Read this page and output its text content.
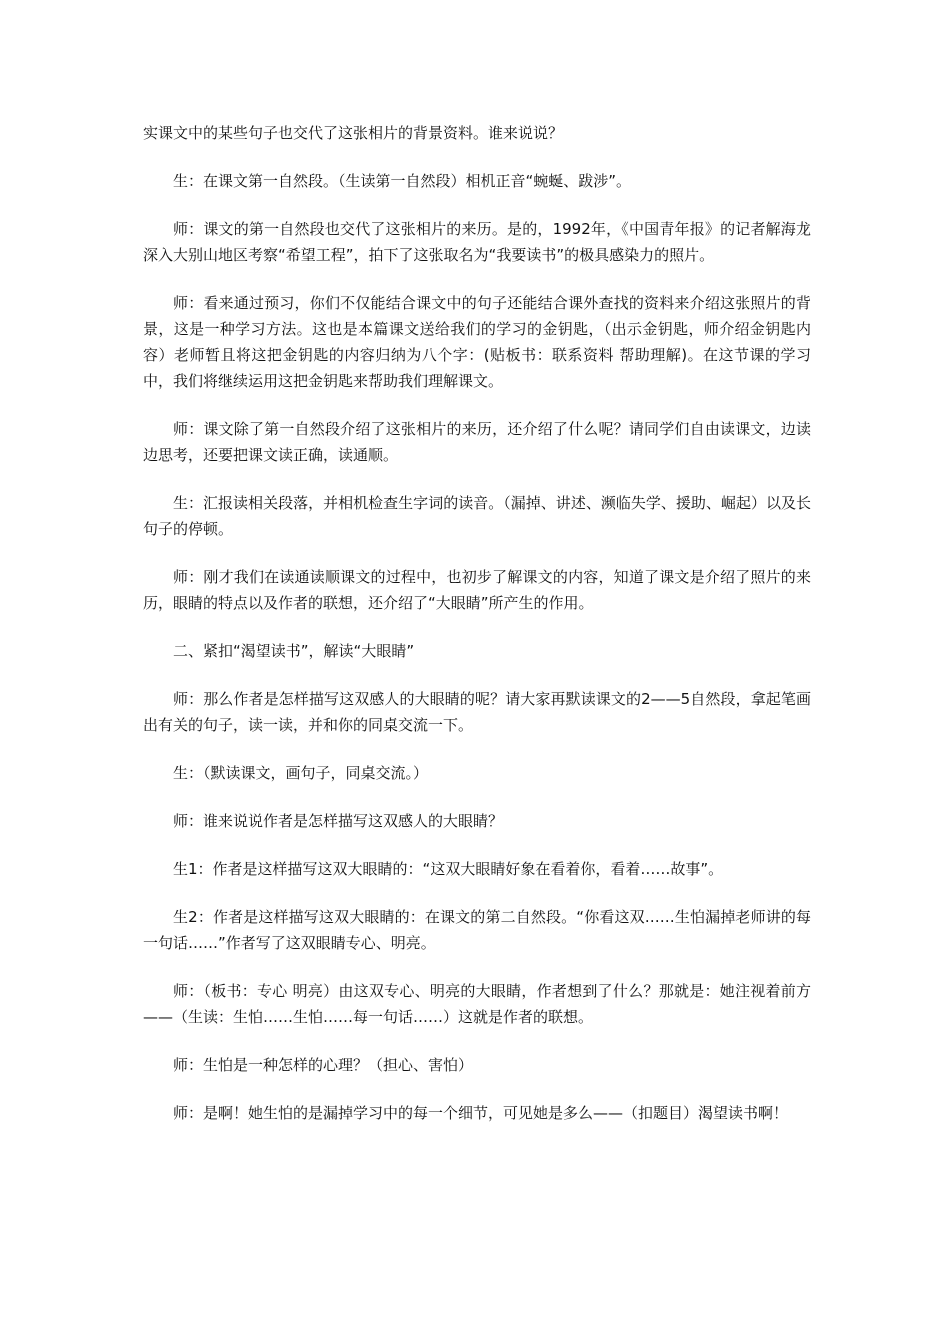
实课文中的某些句子也交代了这张相片的背景资料。谁来说说？

生：在课文第一自然段。（生读第一自然段）相机正音“蜿蜒、跋涉”。

师：课文的第一自然段也交代了这张相片的来历。是的，1992年，《中国青年报》的记者解海龙深入大别山地区考察“希望工程”，拍下了这张取名为“我要读书”的极具感染力的照片。

师：看来通过预习，你们不仅能结合课文中的句子还能结合课外查找的资料来介绍这张照片的背景，这是一种学习方法。这也是本篇课文送给我们的学习的金钥匙，（出示金钥匙，师介绍金钥匙内容）老师暂且将这把金钥匙的内容归纳为八个字：(贴板书：联系资料 帮助理解)。在这节课的学习中，我们将继续运用这把金钥匙来帮助我们理解课文。

师：课文除了第一自然段介绍了这张相片的来历，还介绍了什么呢？请同学们自由读课文，边读边思考，还要把课文读正确，读通顺。

生：汇报读相关段落，并相机检查生字词的读音。（漏掉、讲述、濒临失学、援助、崛起）以及长句子的停顿。

师：刚才我们在读通读顺课文的过程中，也初步了解课文的内容，知道了课文是介绍了照片的来历，眼睛的特点以及作者的联想，还介绍了“大眼睛”所产生的作用。

二、紧扣“渴望读书”，解读“大眼睛”

师：那么作者是怎样描写这双感人的大眼睛的呢？请大家再默读课文的2——5自然段，拿起笔画出有关的句子，读一读，并和你的同桌交流一下。

生：（默读课文，画句子，同桌交流。）

师：谁来说说作者是怎样描写这双感人的大眼睛？

生1：作者是这样描写这双大眼睛的：“这双大眼睛好象在看着你，看着……故事”。

生2：作者是这样描写这双大眼睛的：在课文的第二自然段。“你看这双……生怕漏掉老师讲的每一句话……”作者写了这双眼睛专心、明亮。

师：（板书：专心 明亮）由这双专心、明亮的大眼睛，作者想到了什么？那就是：她注视着前方——（生读：生怕……生怕……每一句话……）这就是作者的联想。

师：生怕是一种怎样的心理？（担心、害怕）

师：是啊！她生怕的是漏掉学习中的每一个细节，可见她是多么——（扣题目）渴望读书啊！
